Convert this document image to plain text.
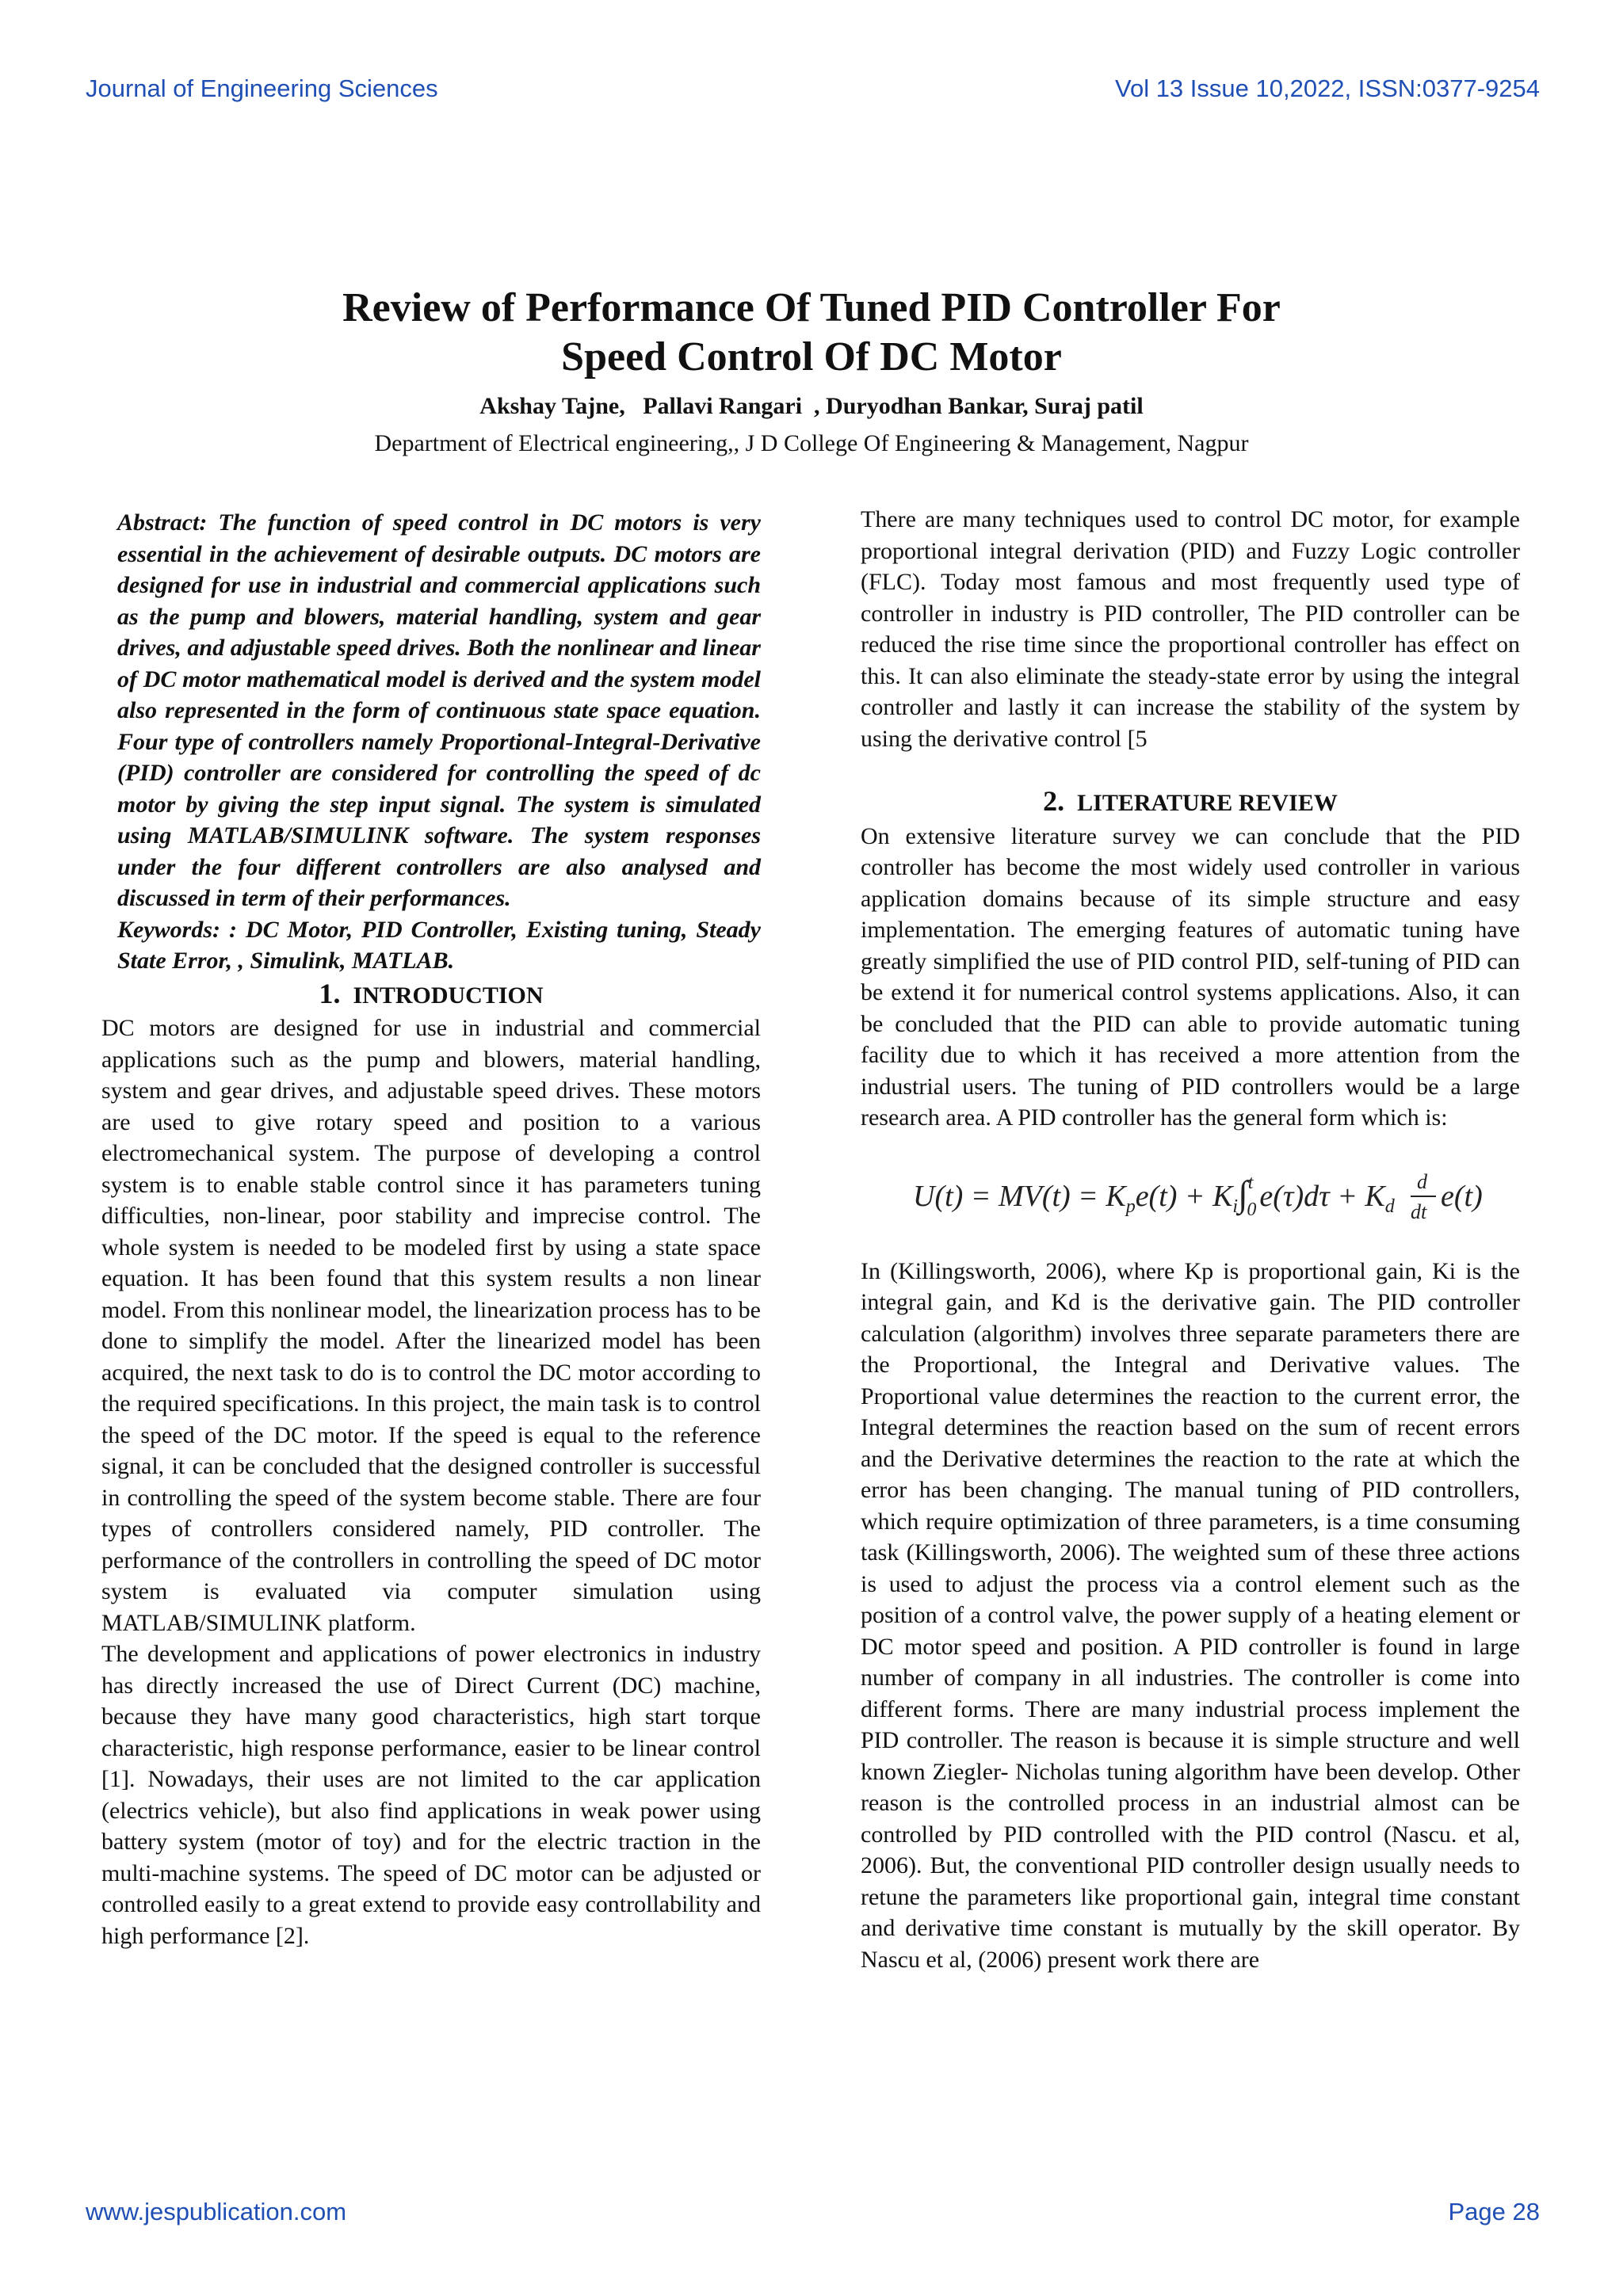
Journal of Engineering Sciences	Vol 13 Issue 10,2022, ISSN:0377-9254
Review of Performance Of Tuned PID Controller For
Speed Control Of DC Motor
Akshay Tajne,   Pallavi Rangari  , Duryodhan Bankar, Suraj patil
Department of Electrical engineering,, J D College Of Engineering & Management, Nagpur

Abstract: The function of speed control in DC motors is very essential in the achievement of desirable outputs. DC motors are designed for use in industrial and commercial applications such as the pump and blowers, material handling, system and gear drives, and adjustable speed drives. Both the nonlinear and linear of DC motor mathematical model is derived and the system model also represented in the form of continuous state space equation. Four type of controllers namely Proportional-Integral-Derivative (PID) controller are considered for controlling the speed of dc motor by giving the step input signal. The system is simulated using MATLAB/SIMULINK software. The system responses under the four different controllers are also analysed and discussed in term of their performances.

Keywords: : DC Motor, PID Controller, Existing tuning, Steady State Error, , Simulink, MATLAB.

1. INTRODUCTION

DC motors are designed for use in industrial and commercial applications such as the pump and blowers, material handling, system and gear drives, and adjustable speed drives. These motors are used to give rotary speed and position to a various electromechanical system. The purpose of developing a control system is to enable stable control since it has parameters tuning difficulties, non-linear, poor stability and imprecise control. The whole system is needed to be modeled first by using a state space equation. It has been found that this system results a non linear model. From this nonlinear model, the linearization process has to be done to simplify the model. After the linearized model has been acquired, the next task to do is to control the DC motor according to the required specifications. In this project, the main task is to control the speed of the DC motor. If the speed is equal to the reference signal, it can be concluded that the designed controller is successful in controlling the speed of the system become stable. There are four types of controllers considered namely, PID controller. The performance of the controllers in controlling the speed of DC motor system is evaluated via computer simulation using MATLAB/SIMULINK platform.

The development and applications of power electronics in industry has directly increased the use of Direct Current (DC) machine, because they have many good characteristics, high start torque characteristic, high response performance, easier to be linear control [1]. Nowadays, their uses are not limited to the car application (electrics vehicle), but also find applications in weak power using battery system (motor of toy) and for the electric traction in the multi-machine systems. The speed of DC motor can be adjusted or controlled easily to a great extend to provide easy controllability and high performance [2].

There are many techniques used to control DC motor, for example proportional integral derivation (PID) and Fuzzy Logic controller (FLC). Today most famous and most frequently used type of controller in industry is PID controller, The PID controller can be reduced the rise time since the proportional controller has effect on this. It can also eliminate the steady-state error by using the integral controller and lastly it can increase the stability of the system by using the derivative control [5

2. LITERATURE REVIEW

On extensive literature survey we can conclude that the PID controller has become the most widely used controller in various application domains because of its simple structure and easy implementation. The emerging features of automatic tuning have greatly simplified the use of PID control PID, self-tuning of PID can be extend it for numerical control systems applications. Also, it can be concluded that the PID can able to provide automatic tuning facility due to which it has received a more attention from the industrial users. The tuning of PID controllers would be a large research area. A PID controller has the general form which is:

$U(t) = MV(t) = K_pe(t) + K_i\int^t$ 0 $e(\tau)d\tau + K_d$
d
dt e(t)

In (Killingsworth, 2006), where Kp is proportional gain, Ki is the integral gain, and Kd is the derivative gain. The PID controller calculation (algorithm) involves three separate parameters there are the Proportional, the Integral and Derivative values. The Proportional value determines the reaction to the current error, the Integral determines the reaction based on the sum of recent errors and the Derivative determines the reaction to the rate at which the error has been changing. The manual tuning of PID controllers, which require optimization of three parameters, is a time consuming task (Killingsworth, 2006). The weighted sum of these three actions is used to adjust the process via a control element such as the position of a control valve, the power supply of a heating element or DC motor speed and position. A PID controller is found in large number of company in all industries. The controller is come into different forms. There are many industrial process implement the PID controller. The reason is because it is simple structure and well known Ziegler- Nicholas tuning algorithm have been develop. Other reason is the controlled process in an industrial almost can be controlled by PID controlled with the PID control (Nascu. et al, 2006). But, the conventional PID controller design usually needs to retune the parameters like proportional gain, integral time constant and derivative time constant is mutually by the skill operator. By Nascu et al, (2006) present work there are

www.jespublication.com	Page 28
